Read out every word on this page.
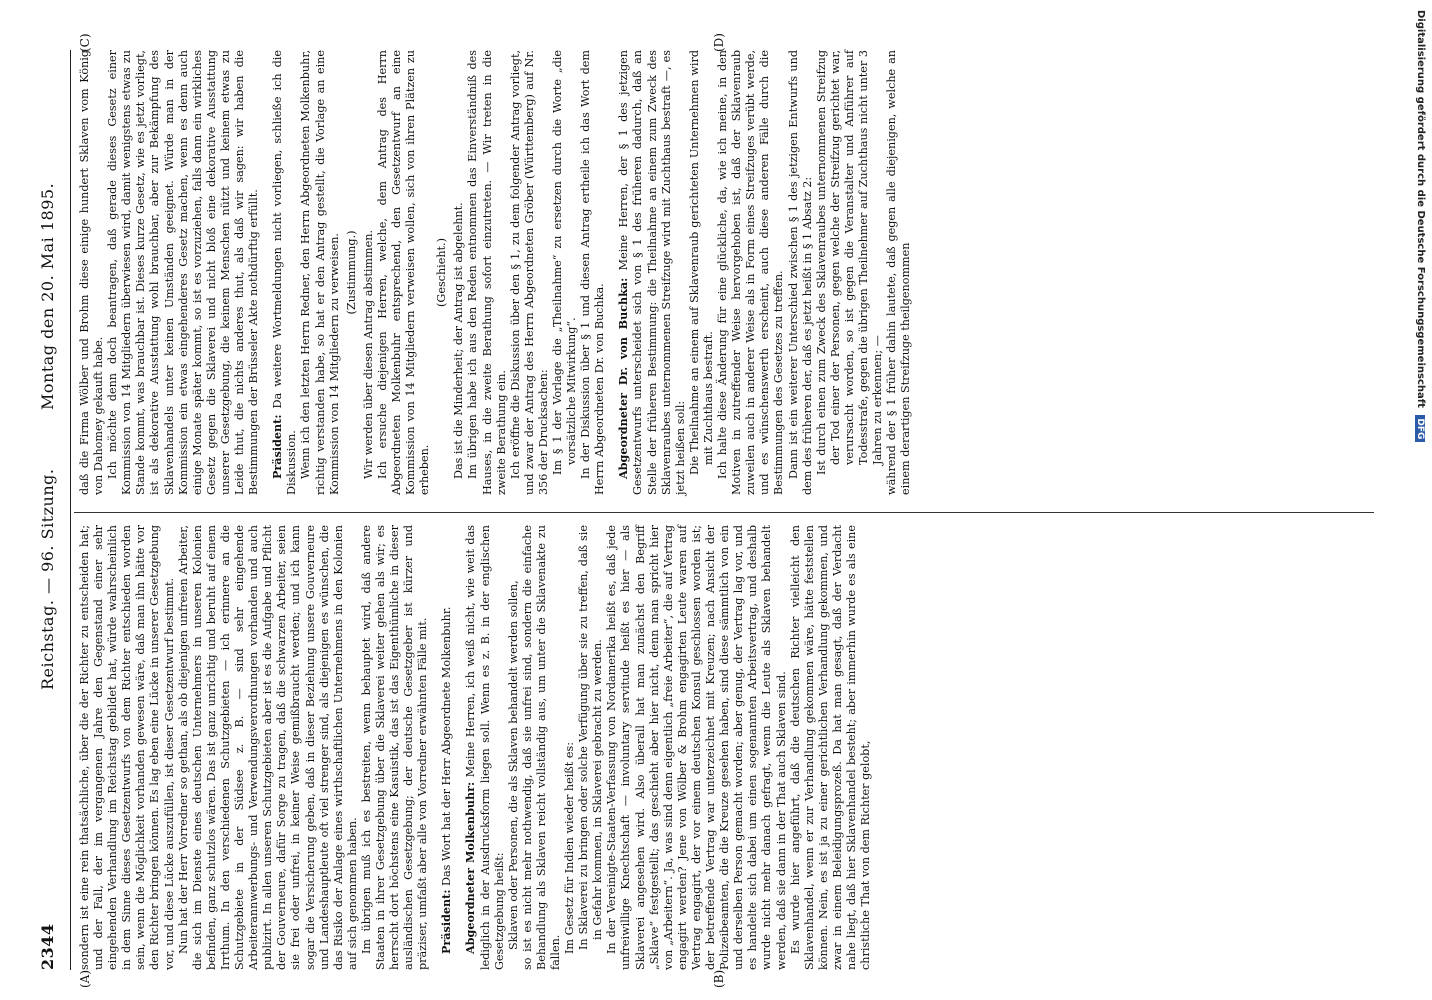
2344
Reichstag. — 96. Sitzung.
Montag den 20. Mai 1895.
(A)	(B)
(C)	(D)

sondern ist eine rein thatsächliche, über die der Richter zu entscheiden hat; und der Fall, der im vergangenen Jahre den Gegenstand einer sehr eingehenden Verhandlung im Reichstag gebildet hat, würde wahrscheinlich in dem Sinne dieses Gesetzentwurfs von dem Richter entschieden worden sein, wenn die Möglichkeit vorhanden gewesen wäre, daß man ihn hätte vor den Richter bringen können. Es lag eben eine Lücke in unserer Gesetzgebung vor, und diese Lücke auszufüllen, ist dieser Gesetzentwurf bestimmt. Nun hat der Herr Vorredner so gethan, als ob diejenigen unfreien Arbeiter, die sich im Dienste eines deutschen Unternehmers in unseren Kolonien befinden, ganz schutzlos wären. Das ist ganz unrichtig und beruht auf einem Irrthum. In den verschiedenen Schutzgebieten — ich erinnere an die Schutzgebiete in der Südsee z. B. — sind sehr eingehende Arbeiterannwerbungs- und Verwendungsverordnungen vorhanden und auch publizirt. In allen unseren Schutzgebieten aber ist es die Aufgabe und Pflicht der Gouverneure, dafür Sorge zu tragen, daß die schwarzen Arbeiter, seien sie frei oder unfrei, in keiner Weise gemißbraucht werden; und ich kann sogar die Versicherung geben, daß in dieser Beziehung unsere Gouverneure und Landeshauptleute oft viel strenger sind, als diejenigen es wünschen, die das Risiko der Anlage eines wirthschaftlichen Unternehmens in den Kolonien auf sich genommen haben. Im übrigen muß ich es bestreiten, wenn behauptet wird, daß andere Staaten in ihrer Gesetzgebung über die Sklaverei weiter gehen als wir; es herrscht dort höchstens eine Kasuistik, das ist das Eigenthümliche in dieser ausländischen Gesetzgebung; der deutsche Gesetzgeber ist kürzer und präziser, umfaßt aber alle von Vorredner erwähnten Fälle mit. Präsident: Das Wort hat der Herr Abgeordnete Molkenbuhr. Abgeordneter Molkenbuhr: Meine Herren, ich weiß nicht, wie weit das lediglich in der Ausdrucksform liegen soll. Wenn es z. B. in der englischen Gesetzgebung heißt: Sklaven oder Personen, die als Sklaven behandelt werden sollen, so ist es nicht mehr nothwendig, daß sie unfrei sind, sondern die einfache Behandlung als Sklaven reicht vollständig aus, um unter die Sklavenakte zu fallen. Im Gesetz für Indien wieder heißt es: In Sklaverei zu bringen oder solche Verfügung über sie zu treffen, daß sie in Gefahr kommen, in Sklaverei gebracht zu werden. In der Vereinigte-Staaten-Verfassung von Nordamerika heißt es, daß jede unfreiwillige Knechtschaft — involuntary servitude heißt es hier — als Sklaverei angesehen wird. Also überall hat man zunächst den Begriff „Sklave“ festgestellt; das geschieht aber hier nicht, denn man spricht hier von „Arbeitern“. Ja, was sind denn eigentlich „freie Arbeiter“, die auf Vertrag engagirt werden? Jene von Wölber & Brohm engagirten Leute waren auf Vertrag engagirt, der vor einem deutschen Konsul geschlossen worden ist; der betreffende Vertrag war unterzeichnet mit Kreuzen; nach Ansicht der Polizeibeamten, die die Kreuze gesehen haben, sind diese sämmtlich von ein und derselben Person gemacht worden; aber genug, der Vertrag lag vor, und es handelte sich dabei um einen sogenannten Arbeitsvertrag, und deshalb wurde nicht mehr danach gefragt, wenn die Leute als Sklaven behandelt werden, daß sie dann in der That auch Sklaven sind. Es wurde hier angeführt, daß die deutschen Richter vielleicht den Sklavenhandel, wenn er zur Verhandlung gekommen wäre, hätte feststellen können. Nein, es ist ja zu einer gerichtlichen Verhandlung gekommen, und zwar in einem Beleidigungsprozeß. Da hat man gesagt, daß der Verdacht nahe liegt, daß hier Sklavenhandel besteht; aber immerhin wurde es als eine christliche That von dem Richter gelobt,

daß die Firma Wölber und Brohm diese einige hundert Sklaven vom König von Dahomey gekauft habe. Ich möchte denn doch beantragen, daß gerade dieses Gesetz einer Kommission von 14 Mitgliedern überwiesen wird, damit wenigstens etwas zu Stande kommt, was brauchbar ist. Dieses kurze Gesetz, wie es jetzt vorliegt, ist als dekorative Ausstattung wohl brauchbar, aber zur Bekämpfung des Sklavenhandels unter keinen Umständen geeignet. Würde man in der Kommission ein etwas eingehenderes Gesetz machen, wenn es denn auch einige Monate später kommt, so ist es vorzuziehen, falls dann ein wirkliches Gesetz gegen die Sklaverei und nicht bloß eine dekorative Ausstattung unserer Gesetzgebung, die keinem Menschen nützt und keinem etwas zu Leide thut, die nichts anderes thut, als daß wir sagen: wir haben die Bestimmungen der Brüsseler Akte nothdürftig erfüllt. Präsident: Da weitere Wortmeldungen nicht vorliegen, schließe ich die Diskussion. Wenn ich den letzten Herrn Redner, den Herrn Abgeordneten Molkenbuhr, richtig verstanden habe, so hat er den Antrag gestellt, die Vorlage an eine Kommission von 14 Mitgliedern zu verweisen. (Zustimmung.) Wir werden über diesen Antrag abstimmen. Ich ersuche diejenigen Herren, welche, dem Antrag des Herrn Abgeordneten Molkenbuhr entsprechend, den Gesetzentwurf an eine Kommission von 14 Mitgliedern verweisen wollen, sich von ihren Plätzen zu erheben.

(Geschieht.) Das ist die Minderheit; der Antrag ist abgelehnt. Im übrigen habe ich aus den Reden entnommen das Einverständniß des Hauses, in die zweite Berathung sofort einzutreten. — Wir treten in die zweite Berathung ein. Ich eröffne die Diskussion über den § 1, zu dem folgender Antrag vorliegt, und zwar der Antrag des Herrn Abgeordneten Gröber (Württemberg) auf Nr. 356 der Drucksachen: Im § 1 der Vorlage die „Theilnahme“ zu ersetzen durch die Worte „die vorsätzliche Mitwirkung“. In der Diskussion über § 1 und diesen Antrag ertheile ich das Wort dem Herrn Abgeordneten Dr. von Buchka. Abgeordneter Dr. von Buchka: Meine Herren, der § 1 des jetzigen Gesetzentwurfs unterscheidet sich von § 1 des früheren dadurch, daß an Stelle der früheren Bestimmung: die Theilnahme an einem zum Zweck des Sklavenraubes unternommenen Streifzuge wird mit Zuchthaus bestraft —, es jetzt heißen soll: Die Theilnahme an einem auf Sklavenraub gerichteten Unternehmen wird mit Zuchthaus bestraft. Ich halte diese Änderung für eine glückliche, da, wie ich meine, in den Motiven in zutreffender Weise hervorgehoben ist, daß der Sklavenraub zuweilen auch in anderer Weise als in Form eines Streifzuges verübt werde, und es wünschenswerth erscheint, auch diese anderen Fälle durch die Bestimmungen des Gesetzes zu treffen. Dann ist ein weiterer Unterschied zwischen § 1 des jetzigen Entwurfs und dem des früheren der, daß es jetzt heißt in § 1 Absatz 2: Ist durch einen zum Zweck des Sklavenraubes unternommenen Streifzug der Tod einer der Personen, gegen welche der Streifzug gerichtet war, verursacht worden, so ist gegen die Veranstalter und Anführer auf Todesstrafe, gegen die übrigen Theilnehmer auf Zuchthaus nicht unter 3 Jahren zu erkennen; — während der § 1 früher dahin lautete, daß gegen alle diejenigen, welche an einem derartigen Streifzuge theilgenommen	Digitalisierung gefördert durch die Deutsche Forschungsgemeinschaft DFG
